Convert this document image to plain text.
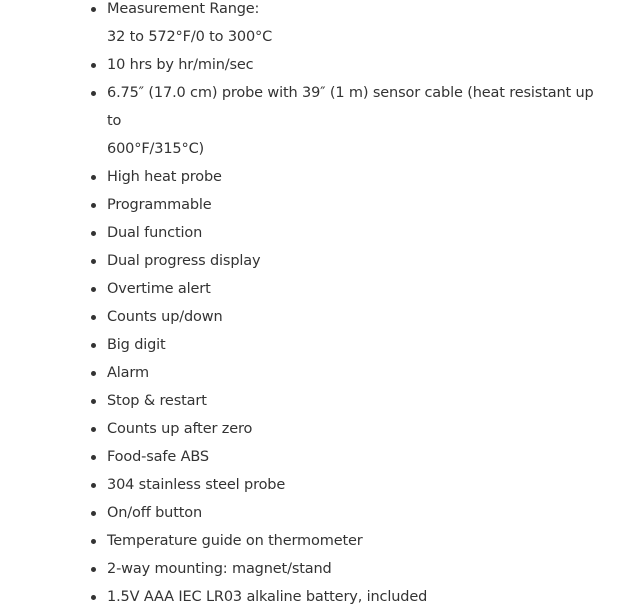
Measurement Range:
32 to 572°F/0 to 300°C
10 hrs by hr/min/sec
6.75″ (17.0 cm) probe with 39″ (1 m) sensor cable (heat resistant up to
600°F/315°C)
High heat probe
Programmable
Dual function
Dual progress display
Overtime alert
Counts up/down
Big digit
Alarm
Stop & restart
Counts up after zero
Food-safe ABS
304 stainless steel probe
On/off button
Temperature guide on thermometer
2-way mounting: magnet/stand
1.5V AAA IEC LR03 alkaline battery, included
